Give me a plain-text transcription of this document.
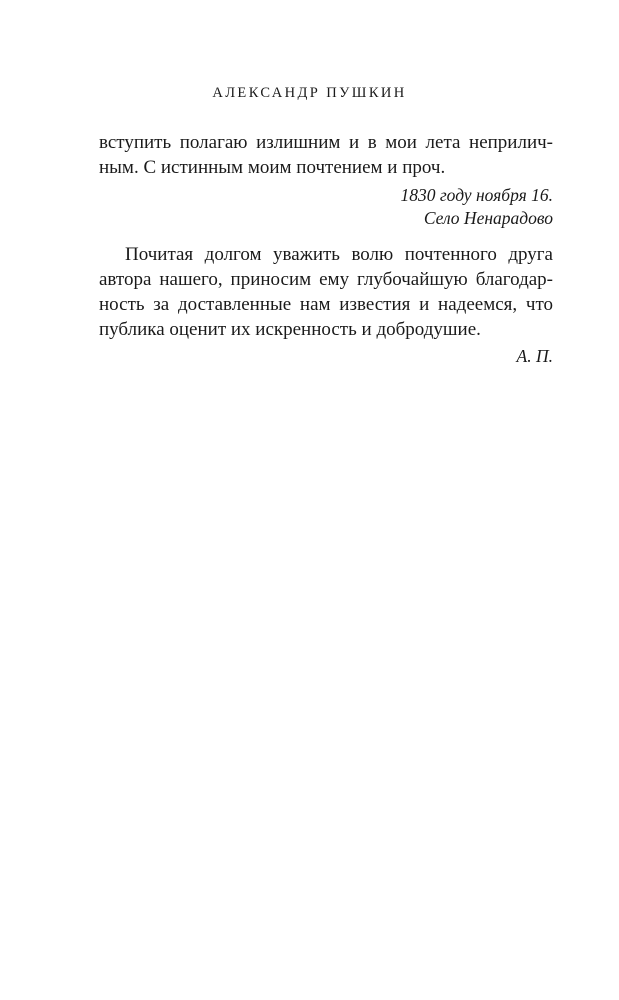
АЛЕКСАНДР ПУШКИН
вступить полагаю излишним и в мои лета неприлич-
ным. С истинным моим почтением и проч.
1830 году ноября 16.
Село Ненарадово
Почитая долгом уважить волю почтенного друга
автора нашего, приносим ему глубочайшую благодар-
ность за доставленные нам известия и надеемся, что
публика оценит их искренность и добродушие.
А. П.
